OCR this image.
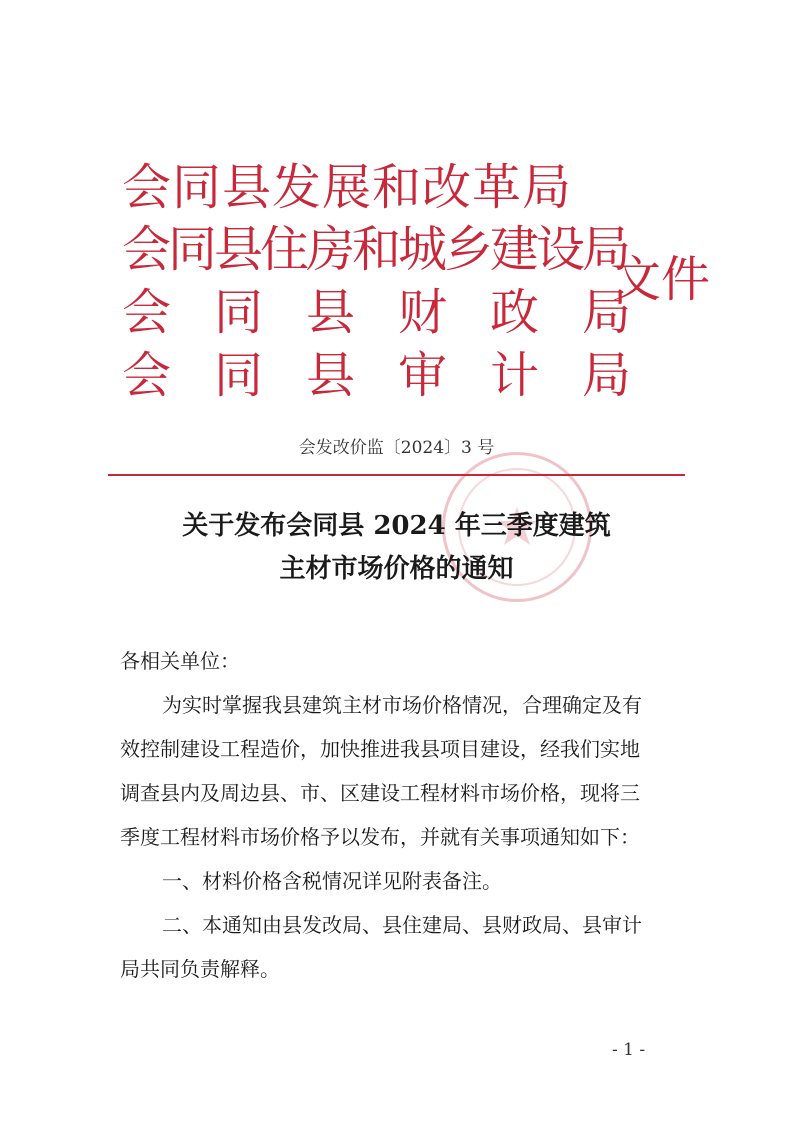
会同县发展和改革局
会同县住房和城乡建设局
会同县财政局
会同县审计局
文件
会发改价监〔2024〕3 号
关于发布会同县 2024 年三季度建筑
主材市场价格的通知
各相关单位：
为实时掌握我县建筑主材市场价格情况，合理确定及有
效控制建设工程造价，加快推进我县项目建设，经我们实地
调查县内及周边县、市、区建设工程材料市场价格，现将三
季度工程材料市场价格予以发布，并就有关事项通知如下：
一、材料价格含税情况详见附表备注。
二、本通知由县发改局、县住建局、县财政局、县审计
局共同负责解释。
- 1 -
